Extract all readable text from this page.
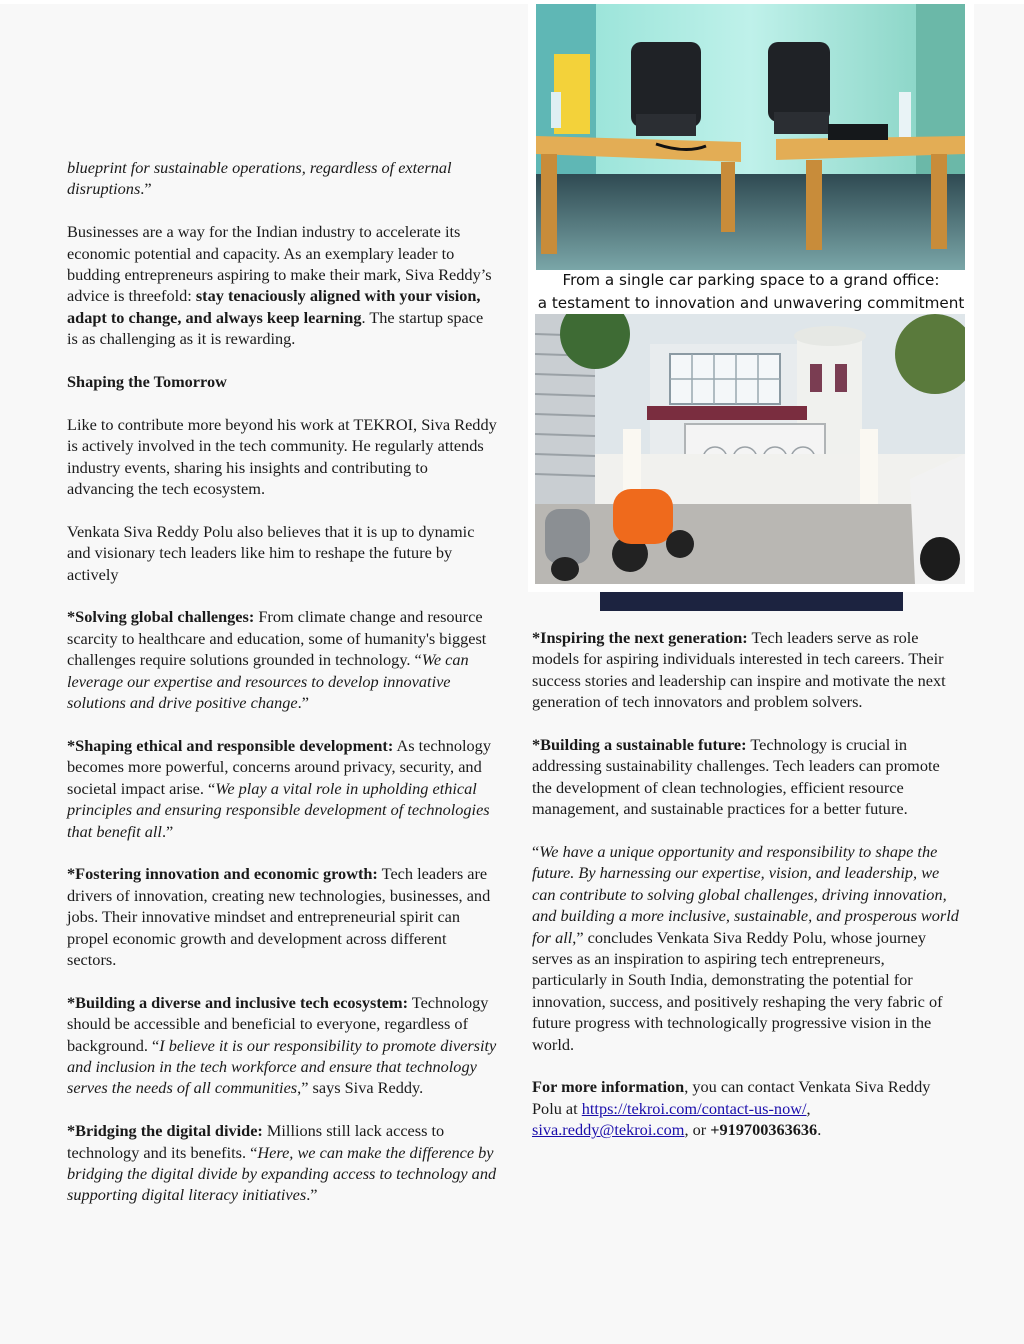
blueprint for sustainable operations, regardless of external disruptions.”

Businesses are a way for the Indian industry to accelerate its economic potential and capacity. As an exemplary leader to budding entrepreneurs aspiring to make their mark, Siva Reddy’s advice is threefold: stay tenaciously aligned with your vision, adapt to change, and always keep learning. The startup space is as challenging as it is rewarding.

Shaping the Tomorrow

Like to contribute more beyond his work at TEKROI, Siva Reddy is actively involved in the tech community. He regularly attends industry events, sharing his insights and contributing to advancing the tech ecosystem.

Venkata Siva Reddy Polu also believes that it is up to dynamic and visionary tech leaders like him to reshape the future by actively

*Solving global challenges: From climate change and resource scarcity to healthcare and education, some of humanity's biggest challenges require solutions grounded in technology. “We can leverage our expertise and resources to develop innovative solutions and drive positive change.”

*Shaping ethical and responsible development: As technology becomes more powerful, concerns around privacy, security, and societal impact arise. “We play a vital role in upholding ethical principles and ensuring responsible development of technologies that benefit all.”

*Fostering innovation and economic growth: Tech leaders are drivers of innovation, creating new technologies, businesses, and jobs. Their innovative mindset and entrepreneurial spirit can propel economic growth and development across different sectors.

*Building a diverse and inclusive tech ecosystem: Technology should be accessible and beneficial to everyone, regardless of background. “I believe it is our responsibility to promote diversity and inclusion in the tech workforce and ensure that technology serves the needs of all communities,” says Siva Reddy.

*Bridging the digital divide: Millions still lack access to technology and its benefits. “Here, we can make the difference by bridging the digital divide by expanding access to technology and supporting digital literacy initiatives.”

From a single car parking space to a grand office:
a testament to innovation and unwavering commitment

*Inspiring the next generation: Tech leaders serve as role models for aspiring individuals interested in tech careers. Their success stories and leadership can inspire and motivate the next generation of tech innovators and problem solvers.

*Building a sustainable future: Technology is crucial in addressing sustainability challenges. Tech leaders can promote the development of clean technologies, efficient resource management, and sustainable practices for a better future.

“We have a unique opportunity and responsibility to shape the future. By harnessing our expertise, vision, and leadership, we can contribute to solving global challenges, driving innovation, and building a more inclusive, sustainable, and prosperous world for all,” concludes Venkata Siva Reddy Polu, whose journey serves as an inspiration to aspiring tech entrepreneurs, particularly in South India, demonstrating the potential for innovation, success, and positively reshaping the very fabric of future progress with technologically progressive vision in the world.

For more information, you can contact Venkata Siva Reddy Polu at https://tekroi.com/contact-us-now/, siva.reddy@tekroi.com, or +919700363636.
